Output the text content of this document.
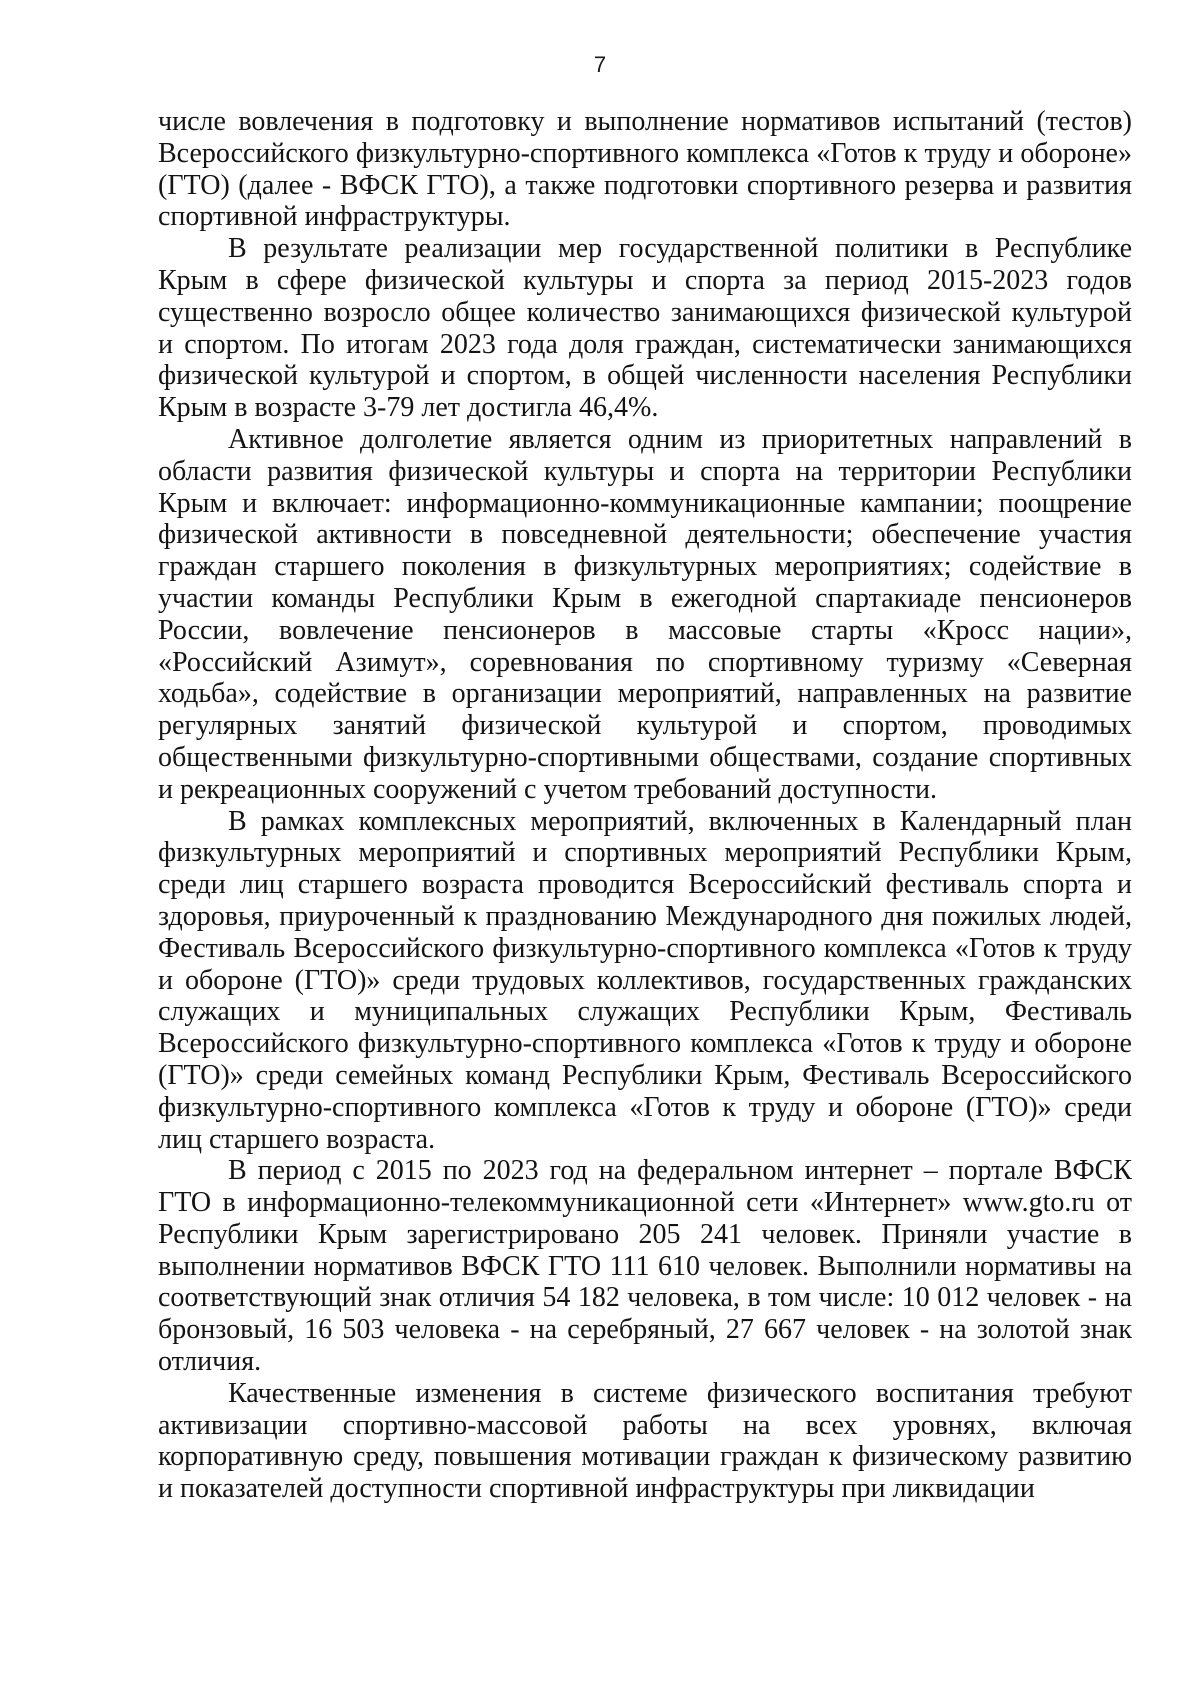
7

числе вовлечения в подготовку и выполнение нормативов испытаний (тестов) Всероссийского физкультурно-спортивного комплекса «Готов к труду и обороне» (ГТО) (далее - ВФСК ГТО), а также подготовки спортивного резерва и развития спортивной инфраструктуры.

В результате реализации мер государственной политики в Республике Крым в сфере физической культуры и спорта за период 2015-2023 годов существенно возросло общее количество занимающихся физической культурой и спортом. По итогам 2023 года доля граждан, систематически занимающихся физической культурой и спортом, в общей численности населения Республики Крым в возрасте 3-79 лет достигла 46,4%.

Активное долголетие является одним из приоритетных направлений в области развития физической культуры и спорта на территории Республики Крым и включает: информационно-коммуникационные кампании; поощрение физической активности в повседневной деятельности; обеспечение участия граждан старшего поколения в физкультурных мероприятиях; содействие в участии команды Республики Крым в ежегодной спартакиаде пенсионеров России, вовлечение пенсионеров в массовые старты «Кросс нации», «Российский Азимут», соревнования по спортивному туризму «Северная ходьба», содействие в организации мероприятий, направленных на развитие регулярных занятий физической культурой и спортом, проводимых общественными физкультурно-спортивными обществами, создание спортивных и рекреационных сооружений с учетом требований доступности.

В рамках комплексных мероприятий, включенных в Календарный план физкультурных мероприятий и спортивных мероприятий Республики Крым, среди лиц старшего возраста проводится Всероссийский фестиваль спорта и здоровья, приуроченный к празднованию Международного дня пожилых людей, Фестиваль Всероссийского физкультурно-спортивного комплекса «Готов к труду и обороне (ГТО)» среди трудовых коллективов, государственных гражданских служащих и муниципальных служащих Республики Крым, Фестиваль Всероссийского физкультурно-спортивного комплекса «Готов к труду и обороне (ГТО)» среди семейных команд Республики Крым, Фестиваль Всероссийского физкультурно-спортивного комплекса «Готов к труду и обороне (ГТО)» среди лиц старшего возраста.

В период с 2015 по 2023 год на федеральном интернет – портале ВФСК ГТО в информационно-телекоммуникационной сети «Интернет» www.gto.ru от Республики Крым зарегистрировано 205 241 человек. Приняли участие в выполнении нормативов ВФСК ГТО 111 610 человек. Выполнили нормативы на соответствующий знак отличия 54 182 человека, в том числе: 10 012 человек - на бронзовый, 16 503 человека - на серебряный, 27 667 человек - на золотой знак отличия.

Качественные изменения в системе физического воспитания требуют активизации спортивно-массовой работы на всех уровнях, включая корпоративную среду, повышения мотивации граждан к физическому развитию и показателей доступности спортивной инфраструктуры при ликвидации
